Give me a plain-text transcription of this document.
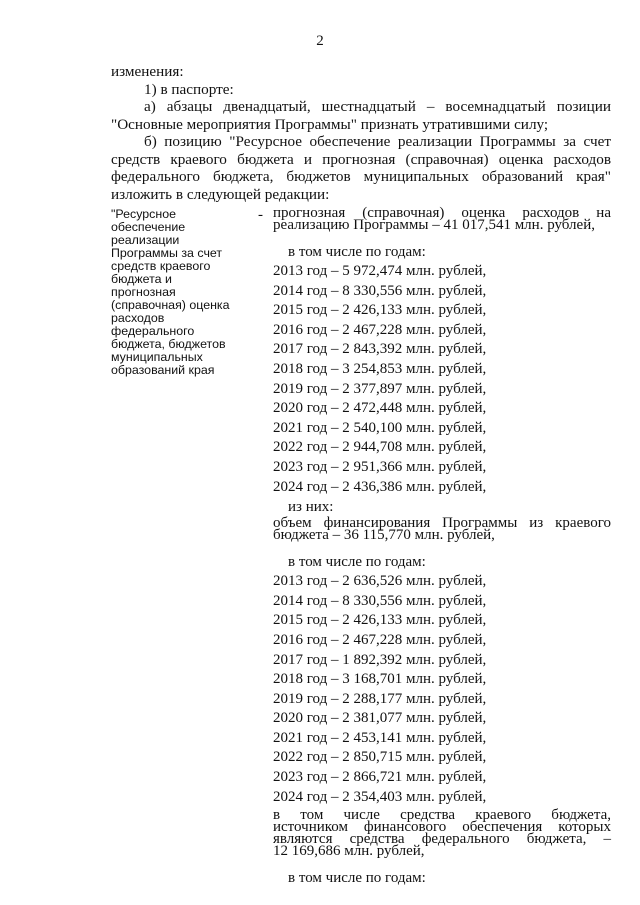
2

изменения:

1) в паспорте:

а) абзацы двенадцатый, шестнадцатый – восемнадцатый позиции

"Основные мероприятия Программы" признать утратившими силу;

б) позицию "Ресурсное обеспечение реализации Программы за счет

средств краевого бюджета и прогнозная (справочная) оценка расходов

федерального бюджета, бюджетов муниципальных образований края"

изложить в следующей редакции:

"Ресурсное
обеспечение
реализации
Программы за счет
средств краевого
бюджета и
прогнозная
(справочная) оценка
расходов
федерального
бюджета, бюджетов
муниципальных
образований края
- прогнозная (справочная) оценка расходов на
реализацию Программы – 41 017,541 млн. рублей,
в том числе по годам:
2013 год – 5 972,474 млн. рублей,
2014 год – 8 330,556 млн. рублей,
2015 год – 2 426,133 млн. рублей,
2016 год – 2 467,228 млн. рублей,
2017 год – 2 843,392 млн. рублей,
2018 год – 3 254,853 млн. рублей,
2019 год – 2 377,897 млн. рублей,
2020 год – 2 472,448 млн. рублей,
2021 год – 2 540,100 млн. рублей,
2022 год – 2 944,708 млн. рублей,
2023 год – 2 951,366 млн. рублей,
2024 год – 2 436,386 млн. рублей,
из них:
объем финансирования Программы из краевого
бюджета – 36 115,770 млн. рублей,
в том числе по годам:
2013 год – 2 636,526 млн. рублей,
2014 год – 8 330,556 млн. рублей,
2015 год – 2 426,133 млн. рублей,
2016 год – 2 467,228 млн. рублей,
2017 год – 1 892,392 млн. рублей,
2018 год – 3 168,701 млн. рублей,
2019 год – 2 288,177 млн. рублей,
2020 год – 2 381,077 млн. рублей,
2021 год – 2 453,141 млн. рублей,
2022 год – 2 850,715 млн. рублей,
2023 год – 2 866,721 млн. рублей,
2024 год – 2 354,403 млн. рублей,
в том числе средства краевого бюджета,
источником финансового обеспечения которых
являются средства федерального бюджета, –
12 169,686 млн. рублей,
в том числе по годам:
